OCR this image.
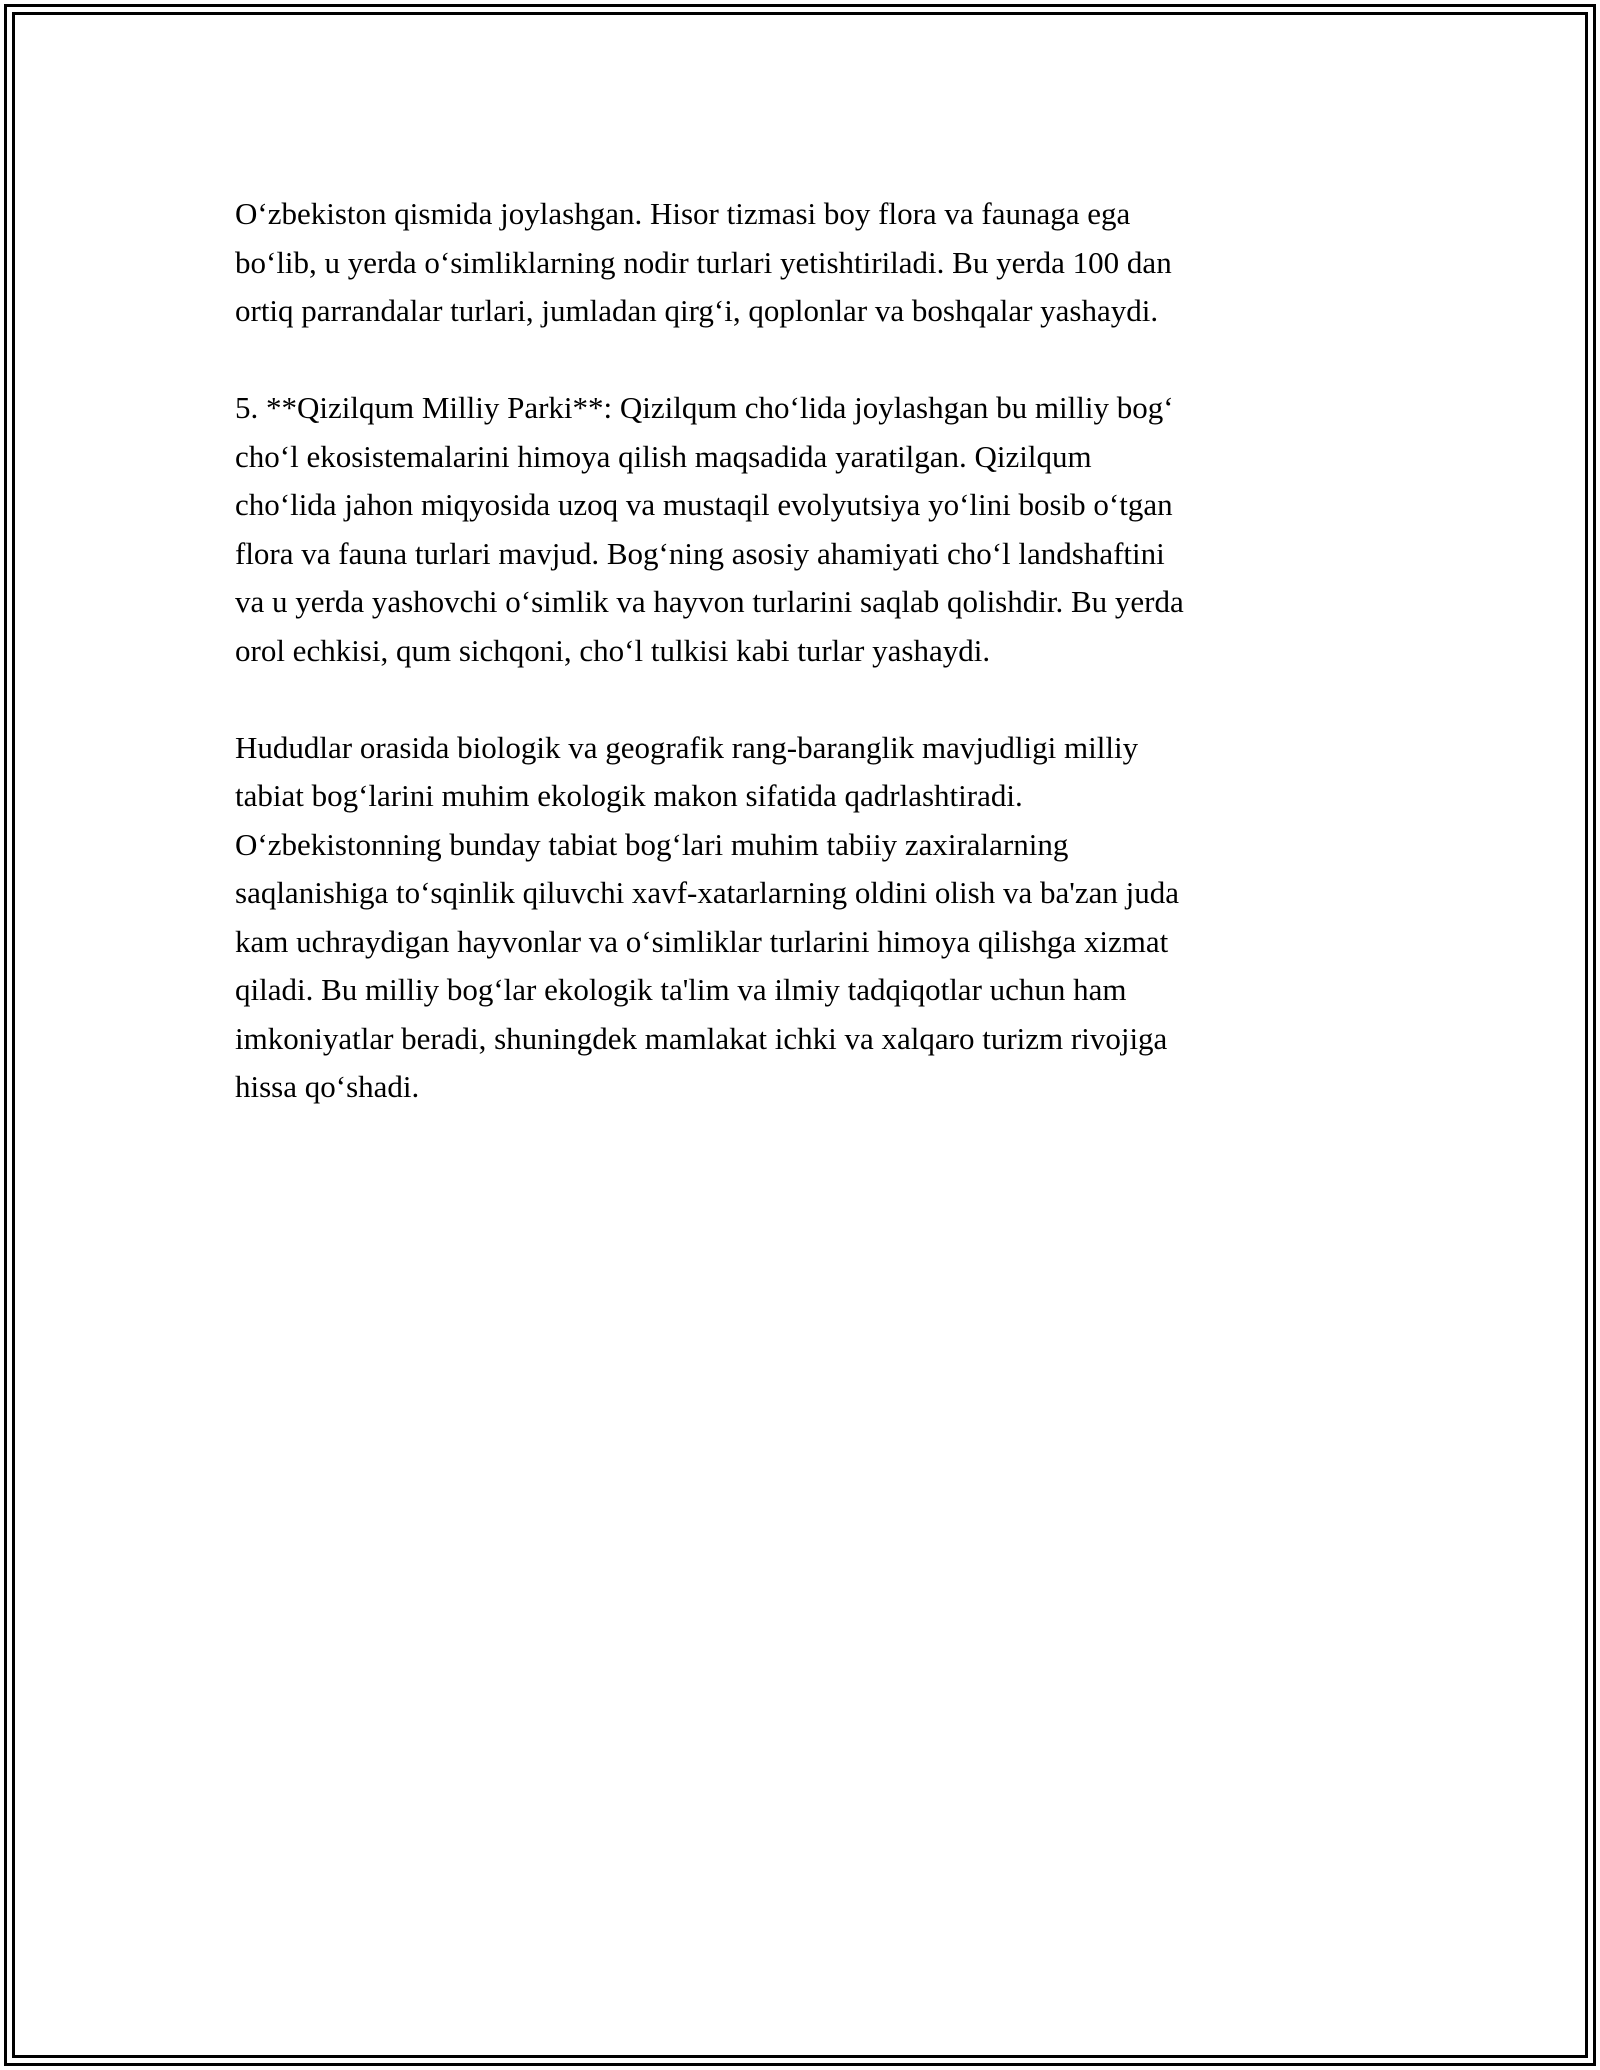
O‘zbekiston qismida joylashgan. Hisor tizmasi boy flora va faunaga ega
bo‘lib, u yerda o‘simliklarning nodir turlari yetishtiriladi. Bu yerda 100 dan
ortiq parrandalar turlari, jumladan qirg‘i, qoplonlar va boshqalar yashaydi.

5. **Qizilqum Milliy Parki**: Qizilqum cho‘lida joylashgan bu milliy bog‘
cho‘l ekosistemalarini himoya qilish maqsadida yaratilgan. Qizilqum
cho‘lida jahon miqyosida uzoq va mustaqil evolyutsiya yo‘lini bosib o‘tgan
flora va fauna turlari mavjud. Bog‘ning asosiy ahamiyati cho‘l landshaftini
va u yerda yashovchi o‘simlik va hayvon turlarini saqlab qolishdir. Bu yerda
orol echkisi, qum sichqoni, cho‘l tulkisi kabi turlar yashaydi.

Hududlar orasida biologik va geografik rang-baranglik mavjudligi milliy
tabiat bog‘larini muhim ekologik makon sifatida qadrlashtiradi.
O‘zbekistonning bunday tabiat bog‘lari muhim tabiiy zaxiralarning
saqlanishiga to‘sqinlik qiluvchi xavf-xatarlarning oldini olish va ba'zan juda
kam uchraydigan hayvonlar va o‘simliklar turlarini himoya qilishga xizmat
qiladi. Bu milliy bog‘lar ekologik ta'lim va ilmiy tadqiqotlar uchun ham
imkoniyatlar beradi, shuningdek mamlakat ichki va xalqaro turizm rivojiga
hissa qo‘shadi.
